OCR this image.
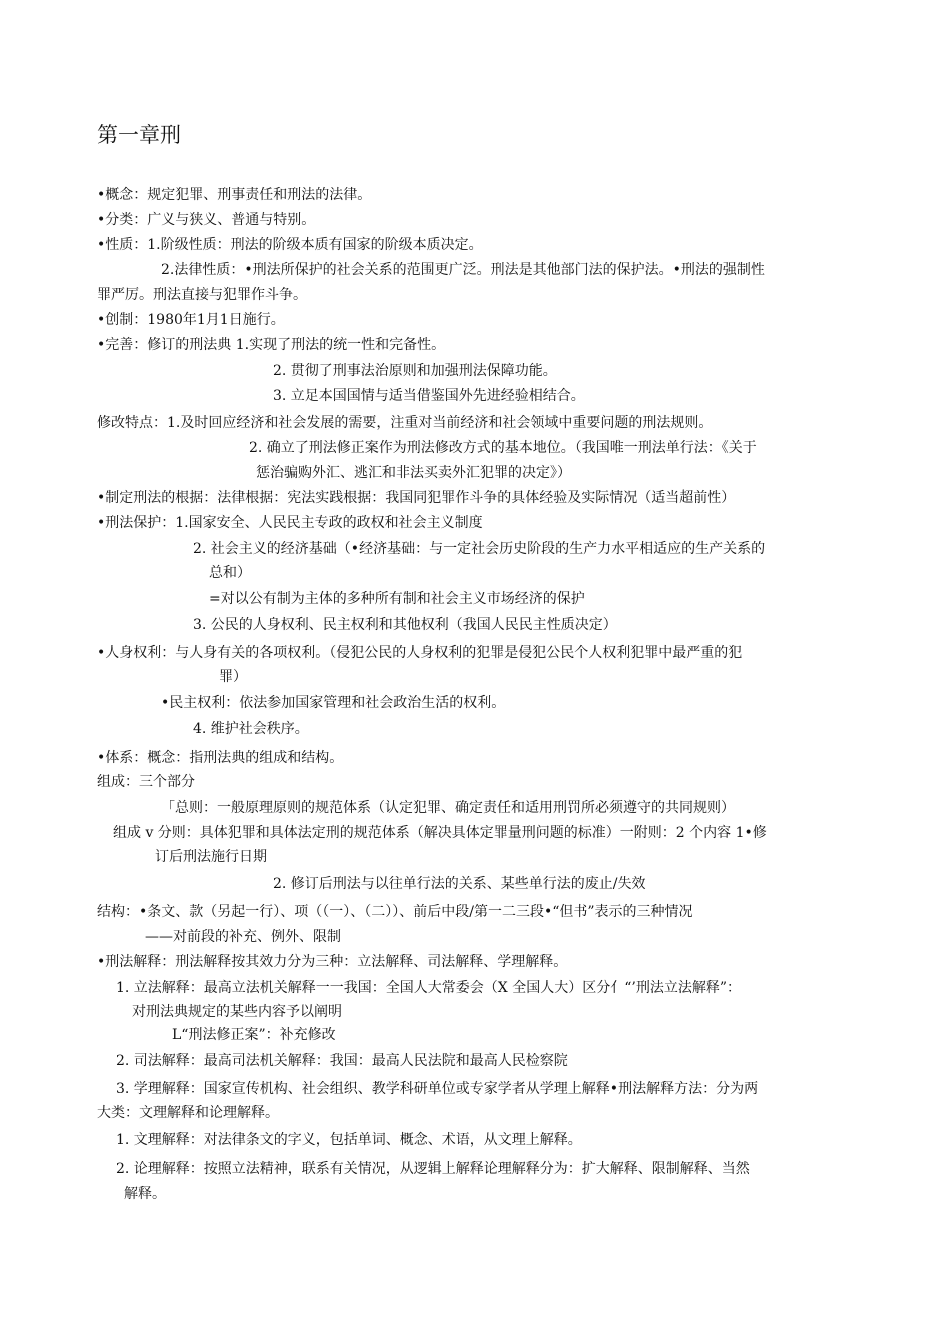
第一章刑

•概念：规定犯罪、刑事责任和刑法的法律。

•分类：广义与狭义、普通与特别。

•性质：1.阶级性质：刑法的阶级本质有国家的阶级本质决定。

2.法律性质：•刑法所保护的社会关系的范围更广泛。刑法是其他部门法的保护法。•刑法的强制性

罪严厉。刑法直接与犯罪作斗争。

•创制：1980年1月1日施行。

•完善：修订的刑法典 1.实现了刑法的统一性和完备性。

2. 贯彻了刑事法治原则和加强刑法保障功能。

3. 立足本国国情与适当借鉴国外先进经验相结合。

修改特点：1.及时回应经济和社会发展的需要，注重对当前经济和社会领域中重要问题的刑法规则。

2. 确立了刑法修正案作为刑法修改方式的基本地位。（我国唯一刑法单行法：《关于

惩治骗购外汇、逃汇和非法买卖外汇犯罪的决定》）

•制定刑法的根据：法律根据：宪法实践根据：我国同犯罪作斗争的具体经验及实际情况（适当超前性）

•刑法保护：1.国家安全、人民民主专政的政权和社会主义制度

2. 社会主义的经济基础（•经济基础：与一定社会历史阶段的生产力水平相适应的生产关系的

总和）

=对以公有制为主体的多种所有制和社会主义市场经济的保护

3. 公民的人身权利、民主权利和其他权利（我国人民民主性质决定）

•人身权利：与人身有关的各项权利。（侵犯公民的人身权利的犯罪是侵犯公民个人权利犯罪中最严重的犯

罪）

•民主权利：依法参加国家管理和社会政治生活的权利。

4. 维护社会秩序。

•体系：概念：指刑法典的组成和结构。

组成：三个部分

「总则：一般原理原则的规范体系（认定犯罪、确定责任和适用刑罚所必须遵守的共同规则）

组成 v 分则：具体犯罪和具体法定刑的规范体系（解决具体定罪量刑问题的标准）一附则：2 个内容 1•修

订后刑法施行日期

2. 修订后刑法与以往单行法的关系、某些单行法的废止/失效

结构：•条文、款（另起一行）、项（（一）、（二））、前后中段/第一二三段•“但书”表示的三种情况

——对前段的补充、例外、限制

•刑法解释：刑法解释按其效力分为三种：立法解释、司法解释、学理解释。

1. 立法解释：最高立法机关解释一一我国：全国人大常委会（X 全国人大）区分亻“’刑法立法解释”：

对刑法典规定的某些内容予以阐明

L“刑法修正案”：补充修改

2. 司法解释：最高司法机关解释：我国：最高人民法院和最高人民检察院

3. 学理解释：国家宣传机构、社会组织、教学科研单位或专家学者从学理上解释•刑法解释方法：分为两

大类：文理解释和论理解释。

1. 文理解释：对法律条文的字义，包括单词、概念、术语，从文理上解释。

2. 论理解释：按照立法精神，联系有关情况，从逻辑上解释论理解释分为：扩大解释、限制解释、当然

解释。
